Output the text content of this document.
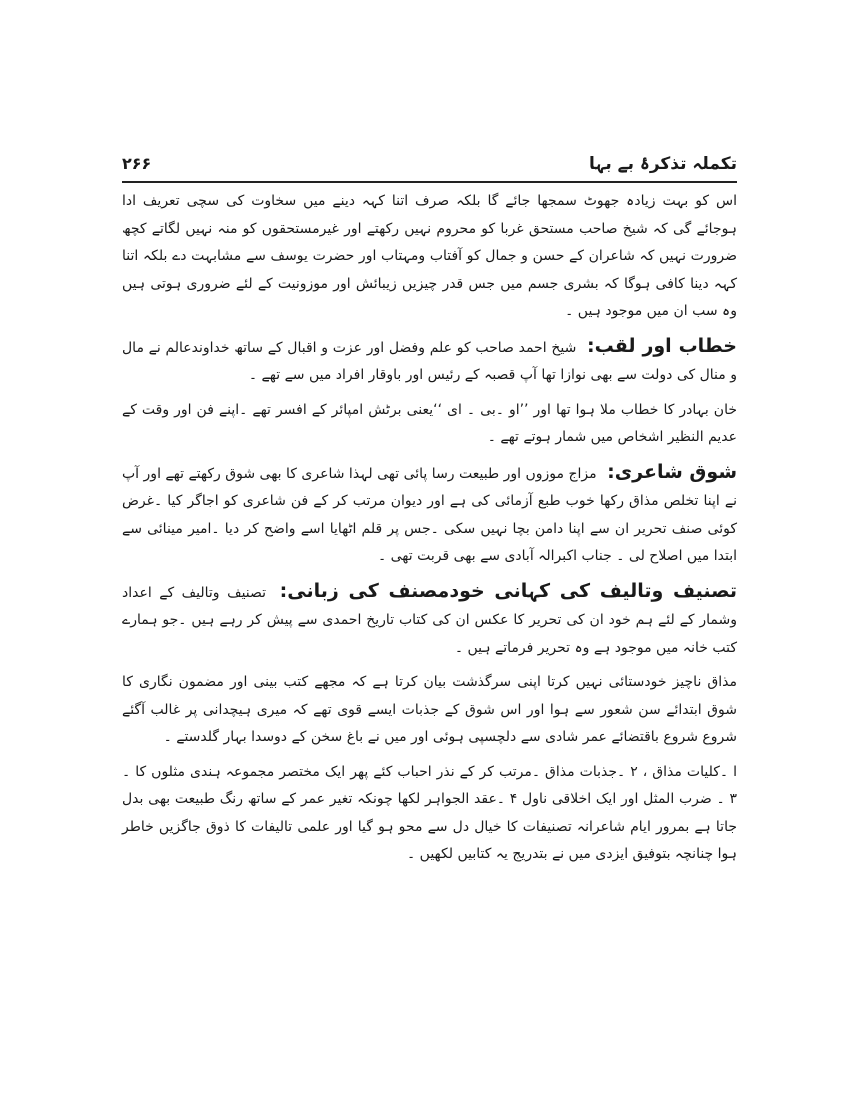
تکملہ تذکرۂ بے بہا
۲۶۶

اس کو بہت زیادہ جھوٹ سمجھا جائے گا بلکہ صرف اتنا کہہ دینے میں سخاوت کی سچی تعریف ادا ہوجائے گی کہ شیخ صاحب مستحق غربا کو محروم نہیں رکھتے اور غیرمستحقوں کو منہ نہیں لگاتے کچھ ضرورت نہیں کہ شاعران کے حسن و جمال کو آفتاب ومہتاب اور حضرت یوسف سے مشابہت دے بلکہ اتنا کہہ دینا کافی ہوگا کہ بشری جسم میں جس قدر چیزیں زیبائش اور موزونیت کے لئے ضروری ہوتی ہیں وہ سب ان میں موجود ہیں ۔

خطاب اور لقب: شیخ احمد صاحب کو علم وفضل اور عزت و اقبال کے ساتھ خداوندعالم نے مال و منال کی دولت سے بھی نوازا تھا آپ قصبہ کے رئیس اور باوقار افراد میں سے تھے ۔

خان بہادر کا خطاب ملا ہوا تھا اور ’’او ۔بی ۔ ای ‘‘یعنی برٹش امپائر کے افسر تھے ۔اپنے فن اور وقت کے عدیم النظیر اشخاص میں شمار ہوتے تھے ۔

شوق شاعری: مزاج موزوں اور طبیعت رسا پائی تھی لہذا شاعری کا بھی شوق رکھتے تھے اور آپ نے اپنا تخلص مذاق رکھا خوب طبع آزمائی کی ہے اور دیوان مرتب کر کے فن شاعری کو اجاگر کیا ۔غرض کوئی صنف تحریر ان سے اپنا دامن بچا نہیں سکی ۔جس پر قلم اٹھایا اسے واضح کر دیا ۔امیر مینائی سے ابتدا میں اصلاح لی ۔ جناب اکبرالہ آبادی سے بھی قربت تھی ۔

تصنیف وتالیف کی کہانی خودمصنف کی زبانی: تصنیف وتالیف کے اعداد وشمار کے لئے ہم خود ان کی تحریر کا عکس ان کی کتاب تاریخ احمدی سے پیش کر رہے ہیں ۔جو ہمارے کتب خانہ میں موجود ہے وہ تحریر فرماتے ہیں ۔

مذاق ناچیز خودستائی نہیں کرتا اپنی سرگذشت بیان کرتا ہے کہ مجھے کتب بینی اور مضمون نگاری کا شوق ابتدائے سن شعور سے ہوا اور اس شوق کے جذبات ایسے قوی تھے کہ میری ہیچدانی پر غالب آگئے شروع شروع باقتضائے عمر شادی سے دلچسپی ہوئی اور میں نے باغ سخن کے دوسدا بہار گلدستے ۔

ا ۔کلیات مذاق ، ۲ ۔جذبات مذاق ۔مرتب کر کے نذر احباب کئے پھر ایک مختصر مجموعہ ہندی مثلوں کا ۔ ۳ ۔ ضرب المثل اور ایک اخلاقی ناول ۴ ۔عقد الجواہر لکھا چونکہ تغیر عمر کے ساتھ رنگ طبیعت بھی بدل جاتا ہے بمرور ایام شاعرانہ تصنیفات کا خیال دل سے محو ہو گیا اور علمی تالیفات کا ذوق جاگزیں خاطر ہوا چنانچہ بتوفیق ایزدی میں نے بتدریج یہ کتابیں لکھیں ۔
